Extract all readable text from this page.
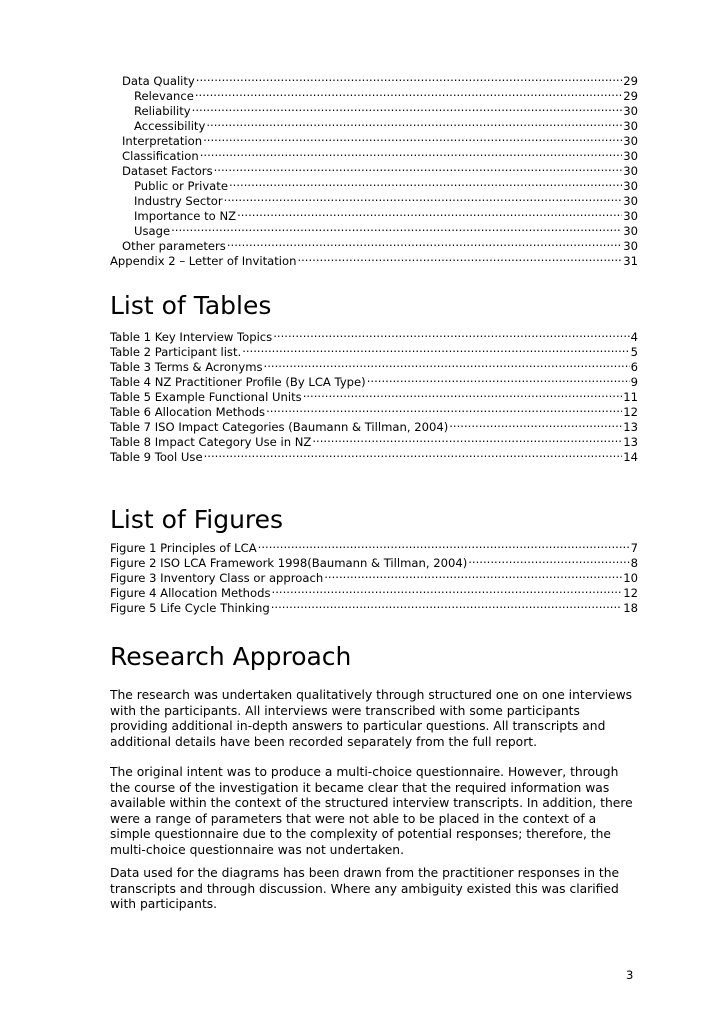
Data Quality .....	29
Relevance .....	29
Reliability .....	30
Accessibility .....	30
Interpretation .....	30
Classification .....	30
Dataset Factors .....	30
Public or Private .....	30
Industry Sector .....	30
Importance to NZ .....	30
Usage .....	30
Other parameters .....	30
Appendix 2 – Letter of Invitation .....	31
List of Tables
Table 1 Key Interview Topics .....	4
Table 2 Participant list. .....	5
Table 3 Terms & Acronyms .....	6
Table 4 NZ Practitioner Profile (By LCA Type) .....	9
Table 5 Example Functional Units .....	11
Table 6 Allocation Methods .....	12
Table 7 ISO Impact Categories (Baumann & Tillman, 2004) .....	13
Table 8 Impact Category Use in NZ .....	13
Table 9 Tool Use .....	14
List of Figures
Figure 1 Principles of LCA .....	7
Figure 2 ISO LCA Framework 1998(Baumann & Tillman, 2004) .....	8
Figure 3 Inventory Class or approach .....	10
Figure 4 Allocation Methods .....	12
Figure 5 Life Cycle Thinking .....	18
Research Approach

The research was undertaken qualitatively through structured one on one interviews with the participants. All interviews were transcribed with some participants providing additional in-depth answers to particular questions. All transcripts and additional details have been recorded separately from the full report.

The original intent was to produce a multi-choice questionnaire. However, through the course of the investigation it became clear that the required information was available within the context of the structured interview transcripts. In addition, there were a range of parameters that were not able to be placed in the context of a simple questionnaire due to the complexity of potential responses; therefore, the multi-choice questionnaire was not undertaken.

Data used for the diagrams has been drawn from the practitioner responses in the transcripts and through discussion. Where any ambiguity existed this was clarified with participants.

3
